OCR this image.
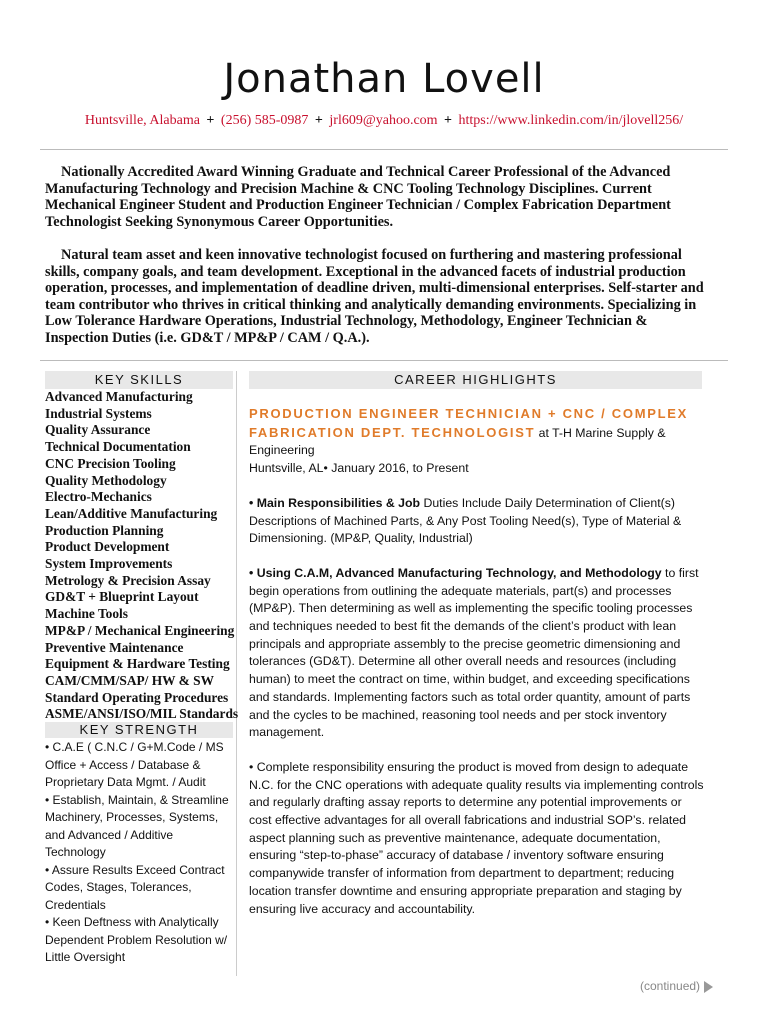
Jonathan Lovell
Huntsville, Alabama + (256) 585-0987 + jrl609@yahoo.com + https://www.linkedin.com/in/jlovell256/

Nationally Accredited Award Winning Graduate and Technical Career Professional of the Advanced Manufacturing Technology and Precision Machine & CNC Tooling Technology Disciplines. Current Mechanical Engineer Student and Production Engineer Technician / Complex Fabrication Department Technologist Seeking Synonymous Career Opportunities.

Natural team asset and keen innovative technologist focused on furthering and mastering professional skills, company goals, and team development. Exceptional in the advanced facets of industrial production operation, processes, and implementation of deadline driven, multi-dimensional enterprises. Self-starter and team contributor who thrives in critical thinking and analytically demanding environments. Specializing in Low Tolerance Hardware Operations, Industrial Technology, Methodology, Engineer Technician & Inspection Duties (i.e. GD&T / MP&P / CAM / Q.A.).

KEY SKILLS	CAREER HIGHLIGHTS
Advanced Manufacturing
Industrial Systems
Quality Assurance
Technical Documentation
CNC Precision Tooling
Quality Methodology
Electro-Mechanics
Lean/Additive Manufacturing
Production Planning
Product Development
System Improvements
Metrology & Precision Assay
GD&T + Blueprint Layout
Machine Tools
MP&P / Mechanical Engineering
Preventive Maintenance
Equipment & Hardware Testing
CAM/CMM/SAP/ HW & SW
Standard Operating Procedures
ASME/ANSI/ISO/MIL Standards
KEY STRENGTH
• C.A.E ( C.N.C / G+M.Code / MS Office + Access / Database & Proprietary Data Mgmt. / Audit
• Establish, Maintain, & Streamline Machinery, Processes, Systems, and Advanced / Additive Technology
• Assure Results Exceed Contract Codes, Stages, Tolerances, Credentials
• Keen Deftness with Analytically Dependent Problem Resolution w/ Little Oversight
PRODUCTION ENGINEER TECHNICIAN + CNC / COMPLEX FABRICATION DEPT. TECHNOLOGIST at T-H Marine Supply & Engineering

Huntsville, AL• January 2016, to Present

• Main Responsibilities & Job Duties Include Daily Determination of Client(s) Descriptions of Machined Parts, & Any Post Tooling Need(s), Type of Material & Dimensioning. (MP&P, Quality, Industrial)

• Using C.A.M, Advanced Manufacturing Technology, and Methodology to first begin operations from outlining the adequate materials, part(s) and processes (MP&P). Then determining as well as implementing the specific tooling processes and techniques needed to best fit the demands of the client’s product with lean principals and appropriate assembly to the precise geometric dimensioning and tolerances (GD&T). Determine all other overall needs and resources (including human) to meet the contract on time, within budget, and exceeding specifications and standards. Implementing factors such as total order quantity, amount of parts and the cycles to be machined, reasoning tool needs and per stock inventory management.

• Complete responsibility ensuring the product is moved from design to adequate N.C. for the CNC operations with adequate quality results via implementing controls and regularly drafting assay reports to determine any potential improvements or cost effective advantages for all overall fabrications and industrial SOP’s. related aspect planning such as preventive maintenance, adequate documentation, ensuring “step-to-phase” accuracy of database / inventory software ensuring companywide transfer of information from department to department; reducing location transfer downtime and ensuring appropriate preparation and staging by ensuring live accuracy and accountability.

(continued)
